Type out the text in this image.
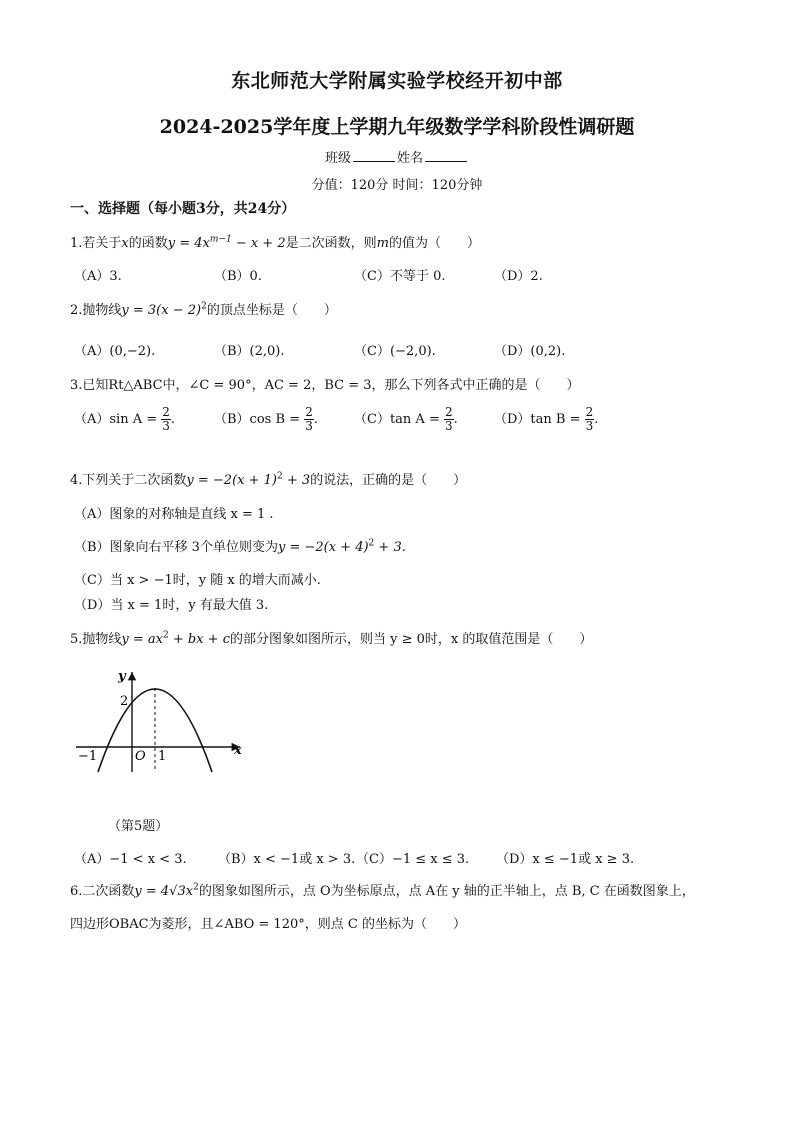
东北师范大学附属实验学校经开初中部
2024-2025学年度上学期九年级数学学科阶段性调研题
班级	姓名
分值：120分 时间：120分钟
一、选择题（每小题3分，共24分）
1.若关于x的函数$y = 4x^{m-1} - x + 2$是二次函数，则m的值为（　　）
（A）3.	（B）0.	（C）不等于 0.	（D）2.
2.抛物线$y = 3(x - 2)^2$的顶点坐标是（　　）
（A）(0,−2).	（B）(2,0).	（C）(−2,0).	（D）(0,2).
3.已知Rt△ABC中，∠C = 90°，AC = 2，BC = 3，那么下列各式中正确的是（　　）
（A）sin $A = \frac{2}{3}$ .	（B）cos $B = \frac{2}{3}$ .	（C）tan $A = \frac{2}{3}$ .	（D）tan $B = \frac{2}{3}$ .
4.下列关于二次函数$y = -2(x + 1)^2 + 3$的说法，正确的是（　　）
（A）图象的对称轴是直线 x = 1 .
（B）图象向右平移 3个单位则变为$y = -2(x + 4)^2 + 3$.
（C）当 x > −1时，y 随 x 的增大而减小.
（D）当 x = 1时，y 有最大值 3.
5.抛物线$y = ax^2$ + bx + c的部分图象如图所示，则当 y ≥ 0时，x 的取值范围是（　　）
y
x
2
−1	O 1
（第5题）
（A）−1 < x < 3. （B）x < −1或 x > 3. （C）−1 ≤ x ≤ 3. （D）x ≤ −1或 x ≥ 3.
6.二次函数$y = 4√3x^2$的图象如图所示，点 O为坐标原点，点 A在 y 轴的正半轴上，点 B, C 在函数图象上，
四边形OBAC为菱形，且∠ABO = 120°，则点 C 的坐标为（　　）
